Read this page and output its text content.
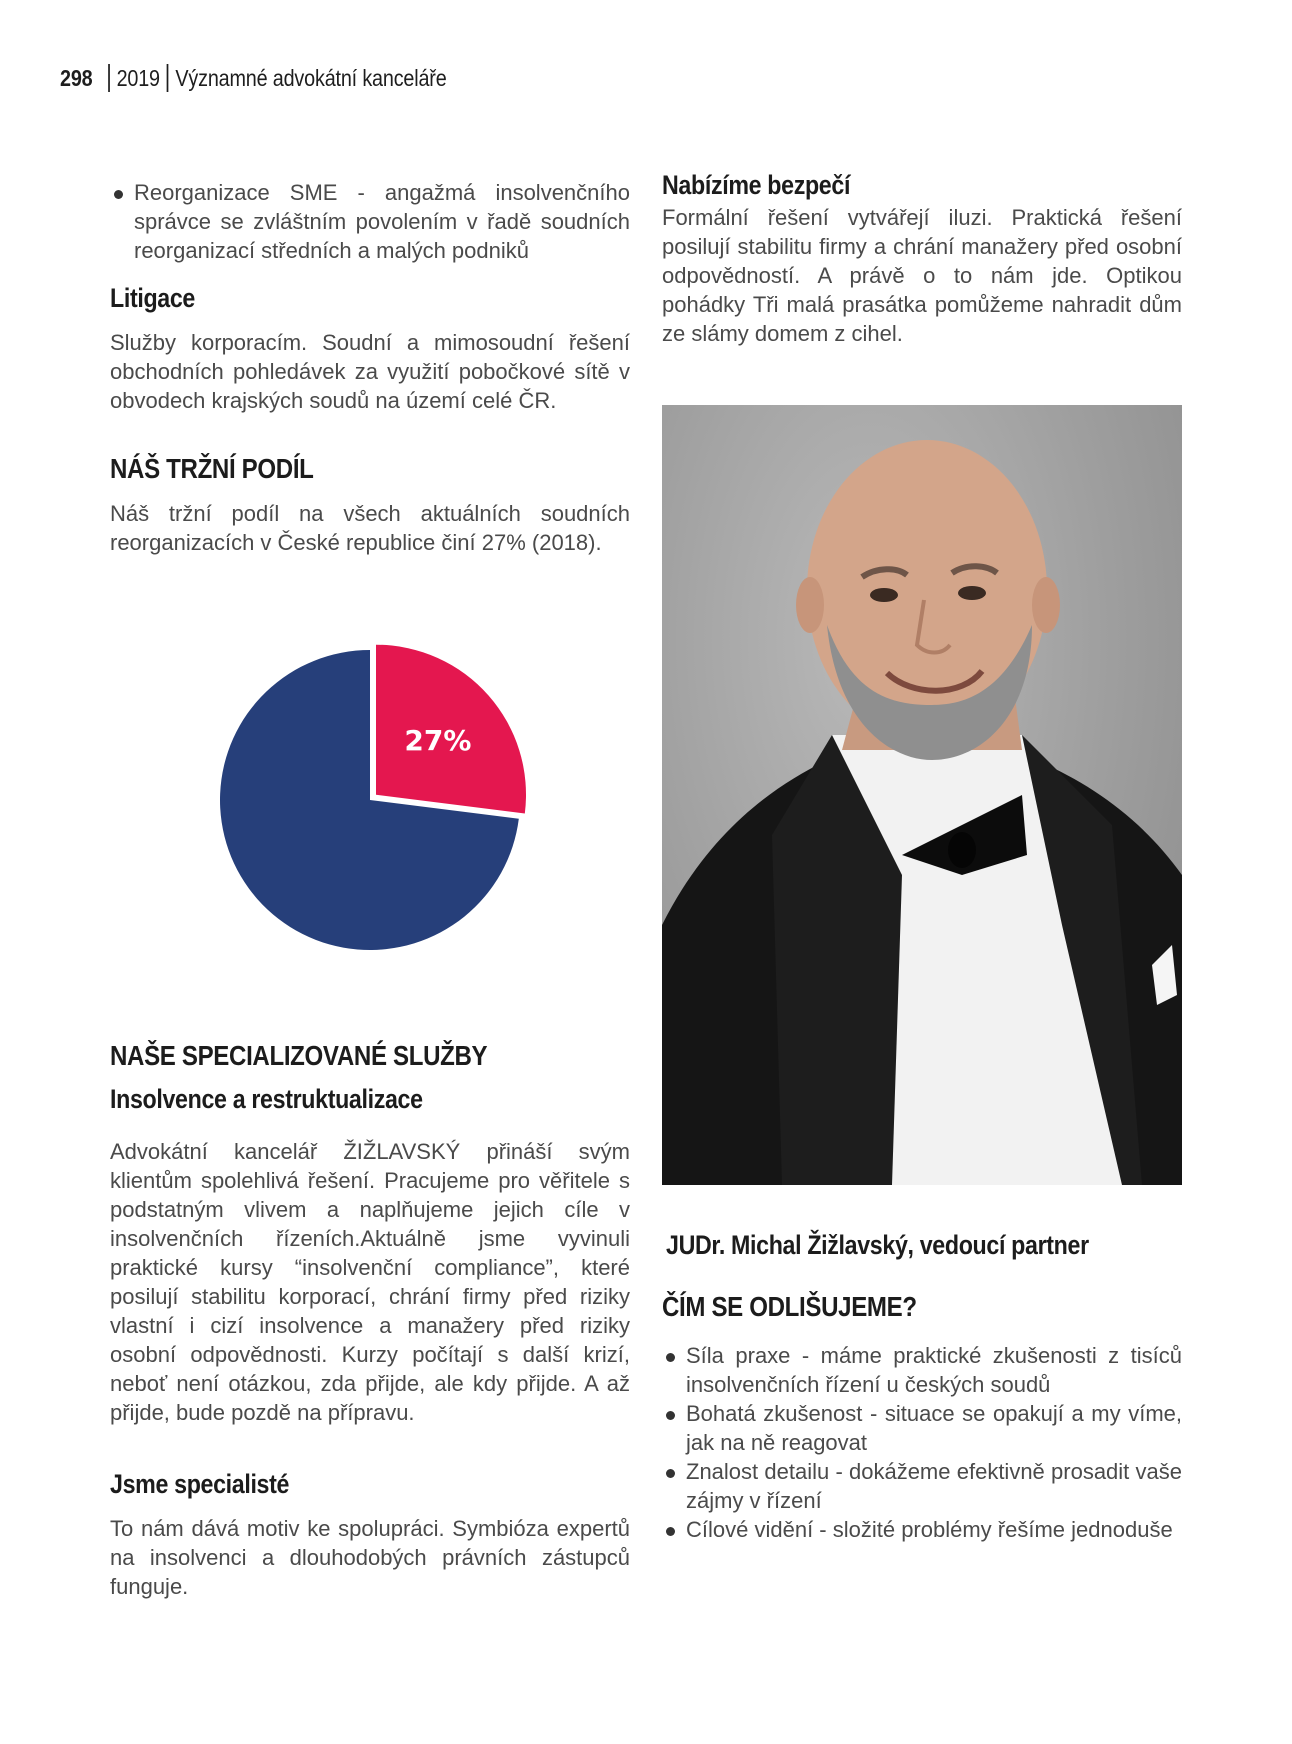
298 2019 Významné advokátní kanceláře
Reorganizace SME - angažmá insolvenčního správce se zvláštním povolením v řadě soudních reorganizací středních a malých podniků
Litigace

Služby korporacím. Soudní a mimosoudní řešení obchodních pohledávek za využití pobočkové sítě v obvodech krajských soudů na území celé ČR.

NÁŠ TRŽNÍ PODÍL

Náš tržní podíl na všech aktuálních soudních reorganizacích v České republice činí 27% (2018).

27%
NAŠE SPECIALIZOVANÉ SLUŽBY
Insolvence a restruktualizace

Advokátní kancelář ŽIŽLAVSKÝ přináší svým klientům spolehlivá řešení. Pracujeme pro věřitele s podstatným vlivem a naplňujeme jejich cíle v insolvenčních řízeních.Aktuálně jsme vyvinuli praktické kursy “insolvenční compliance”, které posilují stabilitu korporací, chrání firmy před riziky vlastní i cizí insolvence a manažery před riziky osobní odpovědnosti. Kurzy počítají s další krizí, neboť není otázkou, zda přijde, ale kdy přijde. A až přijde, bude pozdě na přípravu.

Jsme specialisté

To nám dává motiv ke spolupráci. Symbióza expertů na insolvenci a dlouhodobých právních zástupců funguje.

Nabízíme bezpečí

Formální řešení vytvářejí iluzi. Praktická řešení posilují stabilitu firmy a chrání manažery před osobní odpovědností. A právě o to nám jde. Optikou pohádky Tři malá prasátka pomůžeme nahradit dům ze slámy domem z cihel.

JUDr. Michal Žižlavský, vedoucí partner
ČÍM SE ODLIŠUJEME?
Síla praxe - máme praktické zkušenosti z tisíců insolvenčních řízení u českých soudů
Bohatá zkušenost - situace se opakují a my víme, jak na ně reagovat
Znalost detailu - dokážeme efektivně prosadit vaše zájmy v řízení
Cílové vidění - složité problémy řešíme jednoduše
